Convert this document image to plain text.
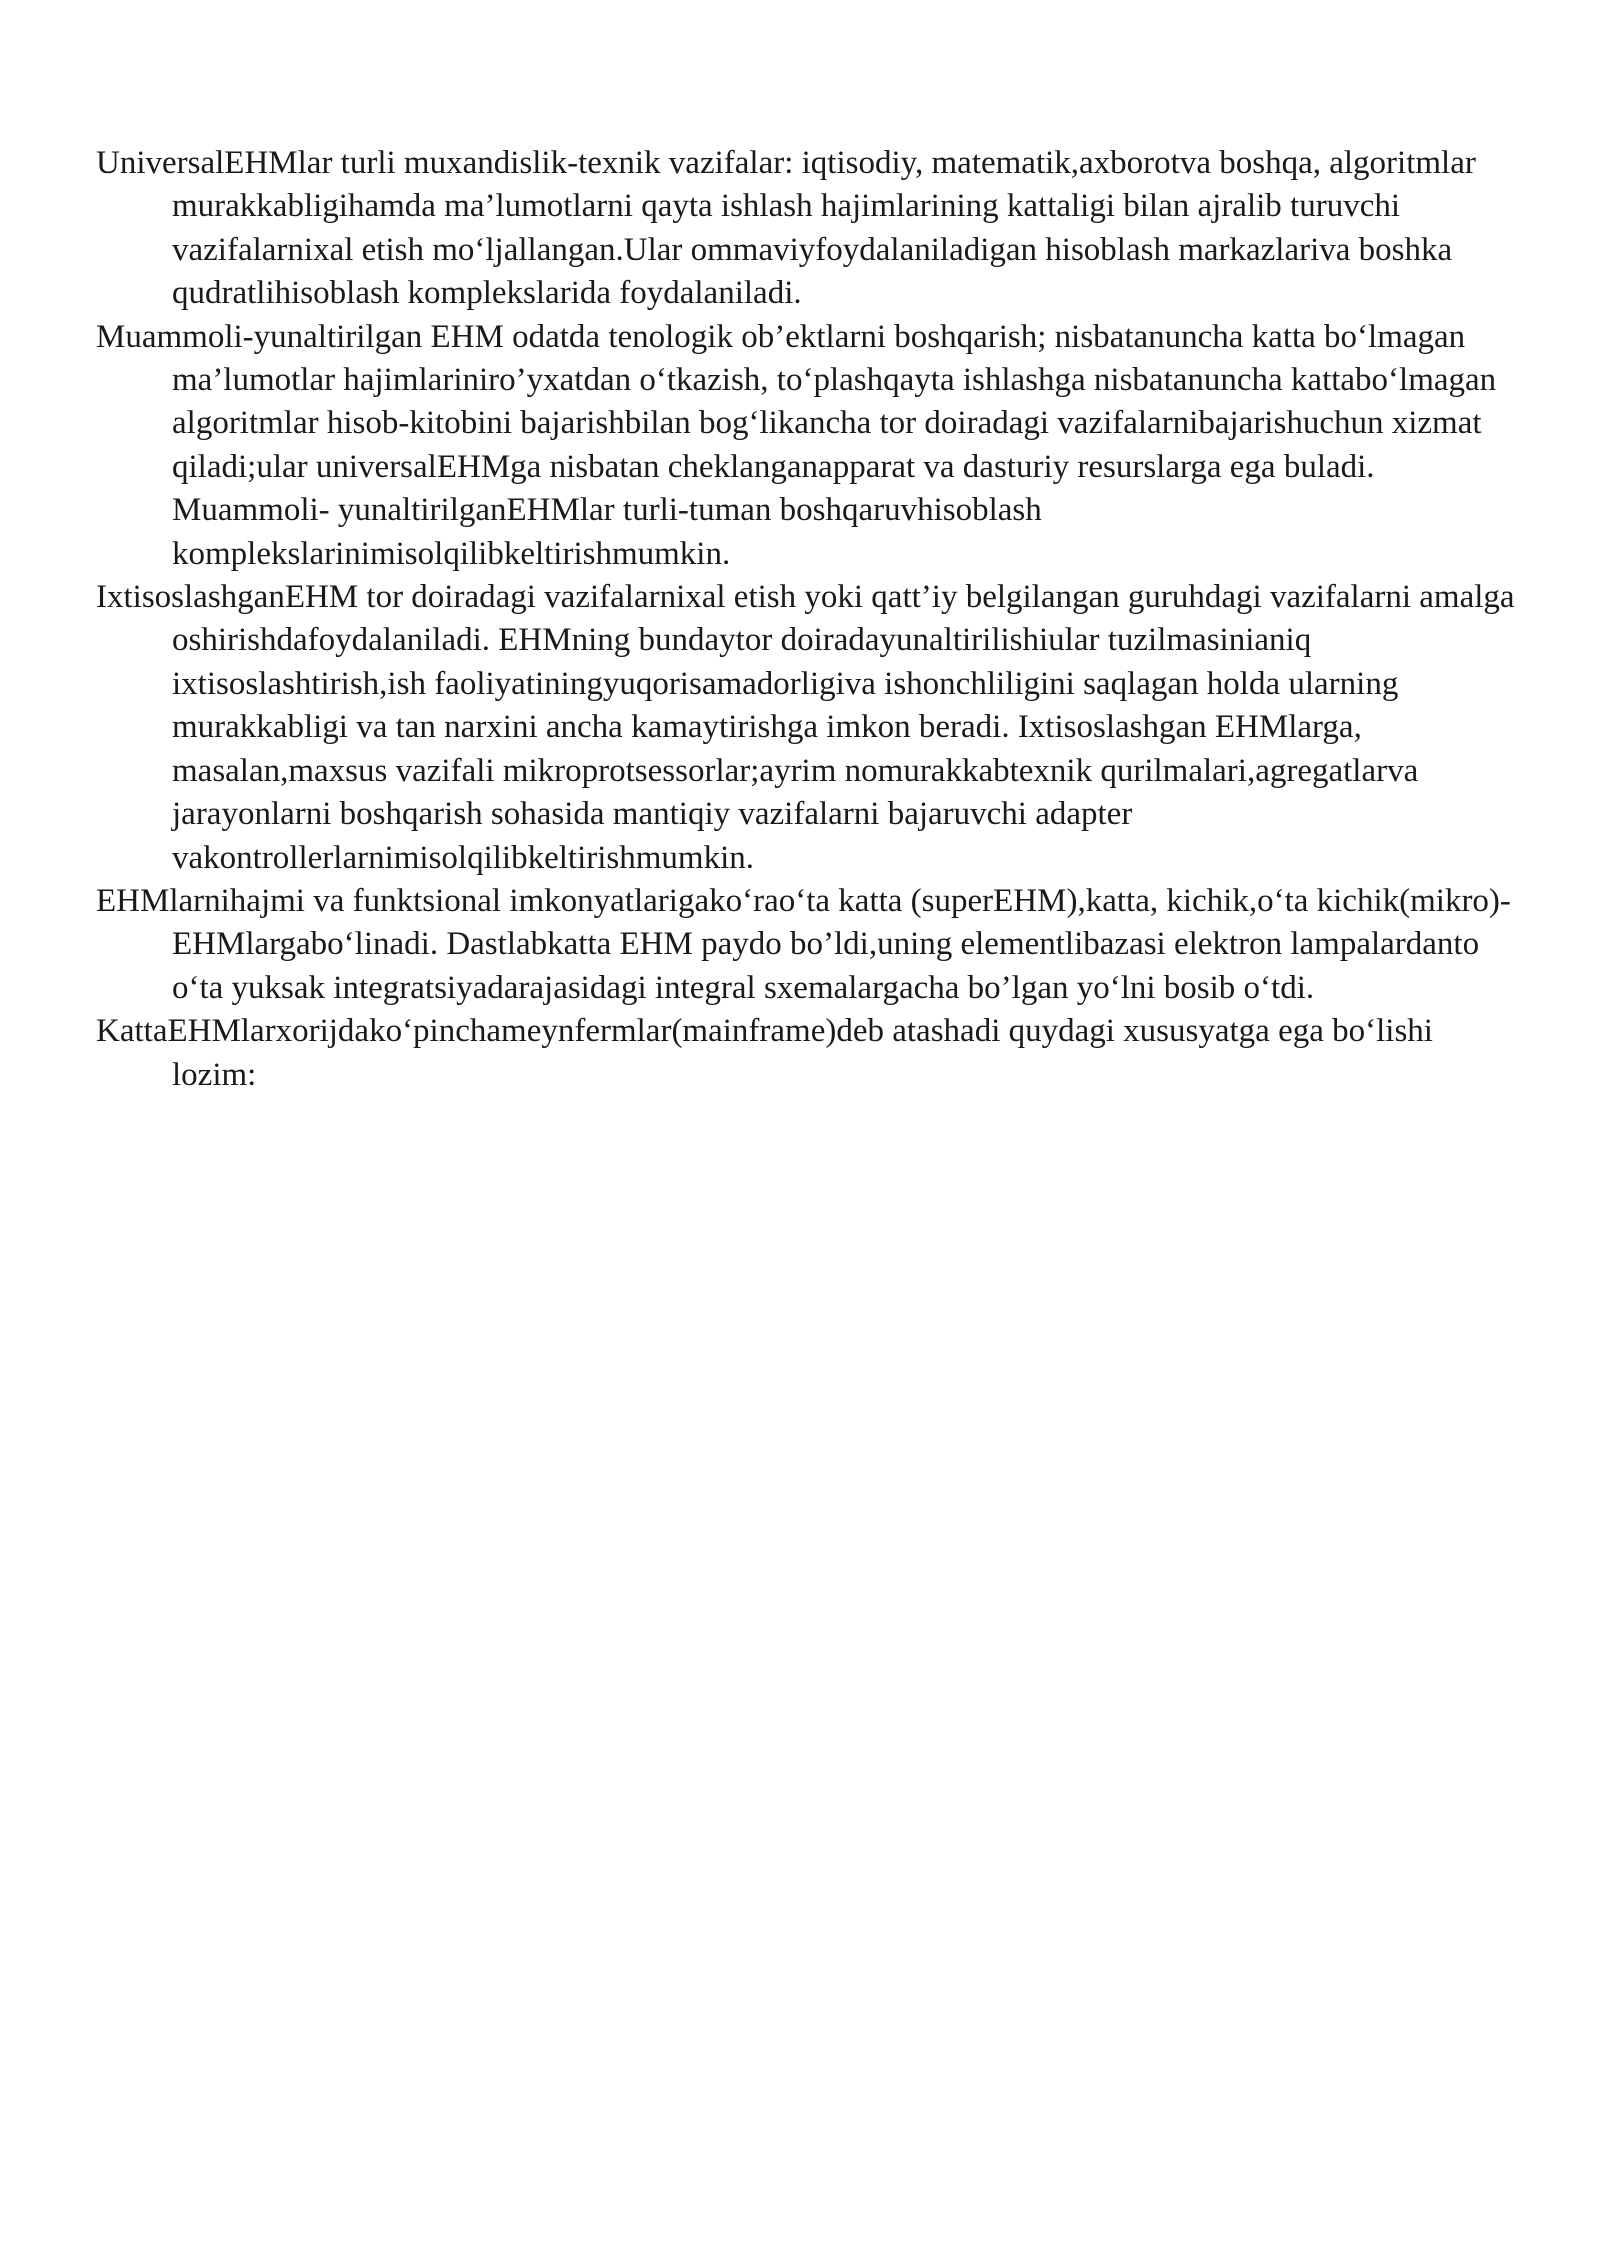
UniversalEHMlar turli muxandislik-texnik vazifalar: iqtisodiy, matematik,axborotva boshqa, algoritmlar murakkabligihamda ma’lumotlarni qayta ishlash hajimlarining kattaligi bilan ajralib turuvchi vazifalarnixal etish mo‘ljallangan.Ular ommaviyfoydalaniladigan hisoblash markazlariva boshka qudratlihisoblash komplekslarida foydalaniladi.

Muammoli-yunaltirilgan EHM odatda tenologik ob’ektlarni boshqarish; nisbatanuncha katta bo‘lmagan ma’lumotlar hajimlariniro’yxatdan o‘tkazish, to‘plashqayta ishlashga nisbatanuncha kattabo‘lmagan algoritmlar hisob-kitobini bajarishbilan bog‘likancha tor doiradagi vazifalarnibajarishuchun xizmat qiladi;ular universalEHMga nisbatan cheklanganapparat va dasturiy resurslarga ega buladi. Muammoli- yunaltirilganEHMlar turli-tuman boshqaruvhisoblash komplekslarinimisolqilibkeltirishmumkin.

IxtisoslashganEHM tor doiradagi vazifalarnixal etish yoki qatt’iy belgilangan guruhdagi vazifalarni amalga oshirishdafoydalaniladi. EHMning bundaytor doiradayunaltirilishiular tuzilmasinianiq ixtisoslashtirish,ish faoliyatiningyuqorisamadorligiva ishonchliligini saqlagan holda ularning murakkabligi va tan narxini ancha kamaytirishga imkon beradi. Ixtisoslashgan EHMlarga, masalan,maxsus vazifali mikroprotsessorlar;ayrim nomurakkabtexnik qurilmalari,agregatlarva jarayonlarni boshqarish sohasida mantiqiy vazifalarni bajaruvchi adapter vakontrollerlarnimisolqilibkeltirishmumkin.

EHMlarnihajmi va funktsional imkonyatlarigako‘rao‘ta katta (superEHM),katta, kichik,o‘ta kichik(mikro)-EHMlargabo‘linadi. Dastlabkatta EHM paydo bo’ldi,uning elementlibazasi elektron lampalardanto o‘ta yuksak integratsiyadarajasidagi integral sxemalargacha bo’lgan yo‘lni bosib o‘tdi.

KattaEHMlarxorijdako‘pinchameynfermlar(mainframe)deb atashadi quydagi xususyatga ega bo‘lishi lozim:
